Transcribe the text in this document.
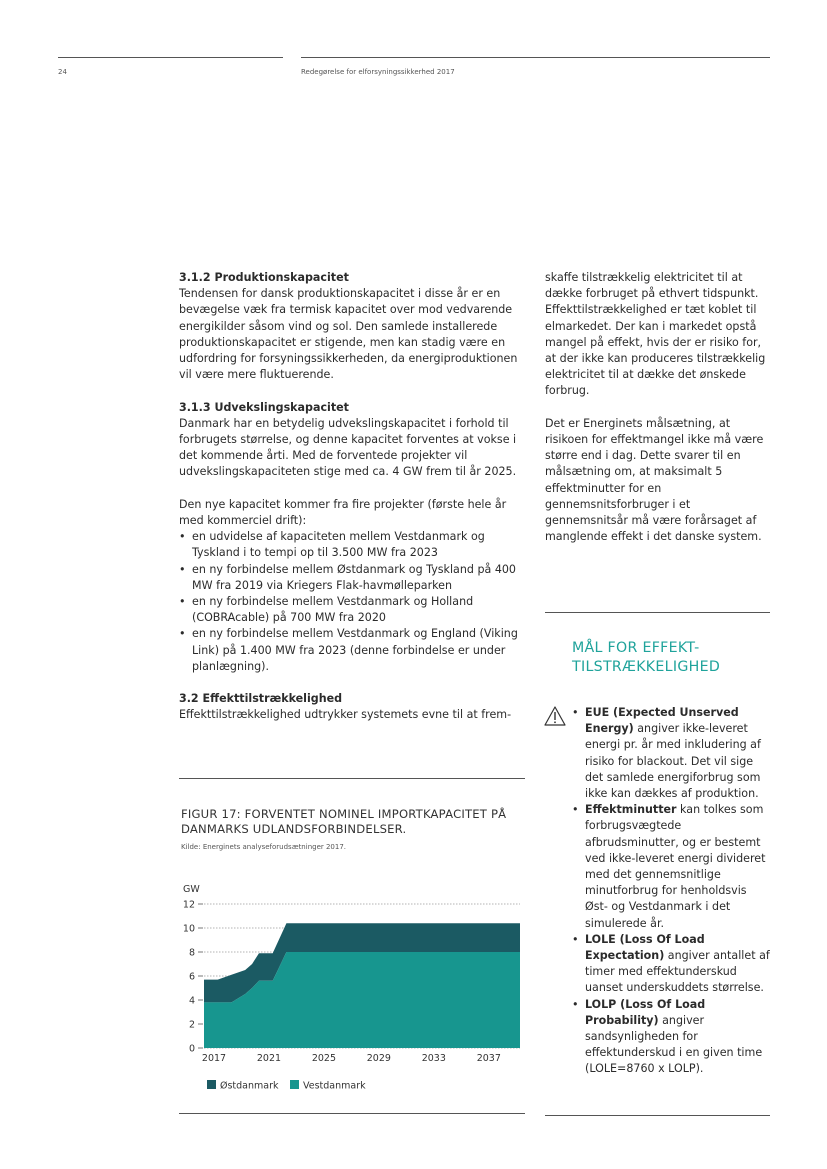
24	Redegørelse for elforsyningssikkerhed 2017
3.1.2 Produktionskapacitet

Tendensen for dansk produktionskapacitet i disse år er en bevægelse væk fra termisk kapacitet over mod vedvarende energikilder såsom vind og sol. Den samlede installerede produktionskapacitet er stigende, men kan stadig være en udfordring for forsyningssikkerheden, da energiproduktionen vil være mere fluktuerende.

3.1.3 Udvekslingskapacitet

Danmark har en betydelig udvekslingskapacitet i forhold til forbrugets størrelse, og denne kapacitet forventes at vokse i det kommende årti. Med de forventede projekter vil udvekslingskapaciteten stige med ca. 4 GW frem til år 2025.

Den nye kapacitet kommer fra fire projekter (første hele år med kommerciel drift):

• en udvidelse af kapaciteten mellem Vestdanmark og Tyskland i to tempi op til 3.500 MW fra 2023
• en ny forbindelse mellem Østdanmark og Tyskland på 400 MW fra 2019 via Kriegers Flak-havmølleparken
• en ny forbindelse mellem Vestdanmark og Holland (COBRAcable) på 700 MW fra 2020
• en ny forbindelse mellem Vestdanmark og England (Viking Link) på 1.400 MW fra 2023 (denne forbindelse er under planlægning).
3.2 Effekttilstrækkelighed

Effekttilstrækkelighed udtrykker systemets evne til at frem-

skaffe tilstrækkelig elektricitet til at dække forbruget på ethvert tidspunkt. Effekttilstrækkelighed er tæt koblet til elmarkedet. Der kan i markedet opstå mangel på effekt, hvis der er risiko for, at der ikke kan produceres tilstrækkelig elektricitet til at dække det ønskede forbrug.

Det er Energinets målsætning, at risikoen for effektmangel ikke må være større end i dag. Dette svarer til en målsætning om, at maksimalt 5 effektminutter for en gennemsnitsforbruger i et gennemsnitsår må være forårsaget af manglende effekt i det danske system.

MÅL FOR EFFEKT-
TILSTRÆKKELIGHED
• EUE (Expected Unserved Energy) angiver ikke-leveret energi pr. år med inkludering af risiko for blackout. Det vil sige det samlede energiforbrug som ikke kan dækkes af produktion.
• Effektminutter kan tolkes som forbrugsvægtede afbrudsminutter, og er bestemt ved ikke-leveret energi divideret med det gennemsnitlige minutforbrug for henholdsvis Øst- og Vestdanmark i det simulerede år.
• LOLE (Loss Of Load Expectation) angiver antallet af timer med effektunderskud uanset underskuddets størrelse.
• LOLP (Loss Of Load Probability) angiver sandsynligheden for effektunderskud i en given time (LOLE=8760 x LOLP).
FIGUR 17: FORVENTET NOMINEL IMPORTKAPACITET PÅ DANMARKS UDLANDSFORBINDELSER.
Kilde: Energinets analyseforudsætninger 2017.
0
2
4
6
8
10
12
2017	2021	2025	2029	2033	2037
GW
Østdanmark	Vestdanmark
